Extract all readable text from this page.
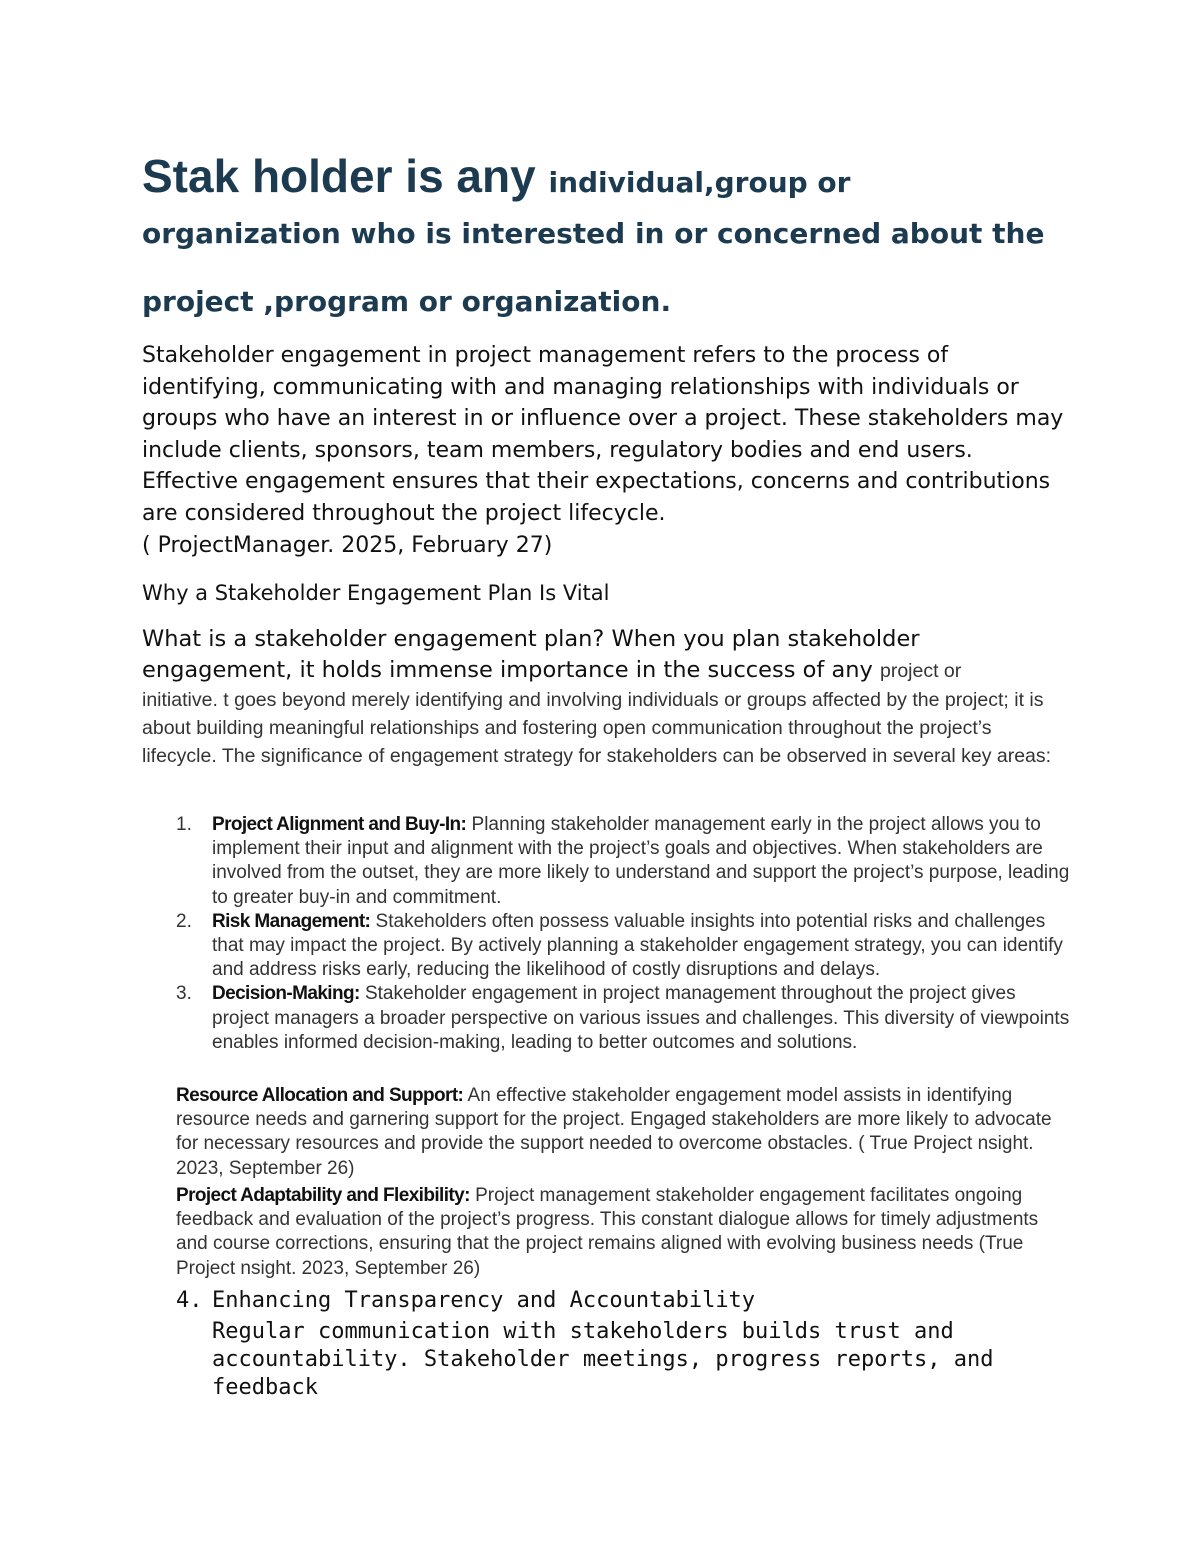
Stak holder is any individual,group or
organization who is interested in or concerned about the
project ,program or organization.

Stakeholder engagement in project management refers to the process of identifying, communicating with and managing relationships with individuals or groups who have an interest in or influence over a project. These stakeholders may include clients, sponsors, team members, regulatory bodies and end users. Effective engagement ensures that their expectations, concerns and contributions are considered throughout the project lifecycle.

( ProjectManager. 2025, February 27)

Why a Stakeholder Engagement Plan Is Vital

What is a stakeholder engagement plan? When you plan stakeholder engagement, it holds immense importance in the success of any project or
initiative. t goes beyond merely identifying and involving individuals or groups affected by the project; it is about building meaningful relationships and fostering open communication throughout the project’s lifecycle. The significance of engagement strategy for stakeholders can be observed in several key areas:

1. Project Alignment and Buy-In: Planning stakeholder management early in the project allows you to implement their input and alignment with the project’s goals and objectives. When stakeholders are involved from the outset, they are more likely to understand and support the project’s purpose, leading to greater buy-in and commitment.
2. Risk Management: Stakeholders often possess valuable insights into potential risks and challenges that may impact the project. By actively planning a stakeholder engagement strategy, you can identify and address risks early, reducing the likelihood of costly disruptions and delays.
3. Decision-Making: Stakeholder engagement in project management throughout the project gives project managers a broader perspective on various issues and challenges. This diversity of viewpoints enables informed decision-making, leading to better outcomes and solutions.

Resource Allocation and Support: An effective stakeholder engagement model assists in identifying resource needs and garnering support for the project. Engaged stakeholders are more likely to advocate for necessary resources and provide the support needed to overcome obstacles. ( True Project nsight. 2023, September 26)

Project Adaptability and Flexibility: Project management stakeholder engagement facilitates ongoing feedback and evaluation of the project’s progress. This constant dialogue allows for timely adjustments and course corrections, ensuring that the project remains aligned with evolving business needs (True Project nsight. 2023, September 26)

4. Enhancing Transparency and Accountability

Regular communication with stakeholders builds trust and accountability. Stakeholder meetings, progress reports, and feedback
